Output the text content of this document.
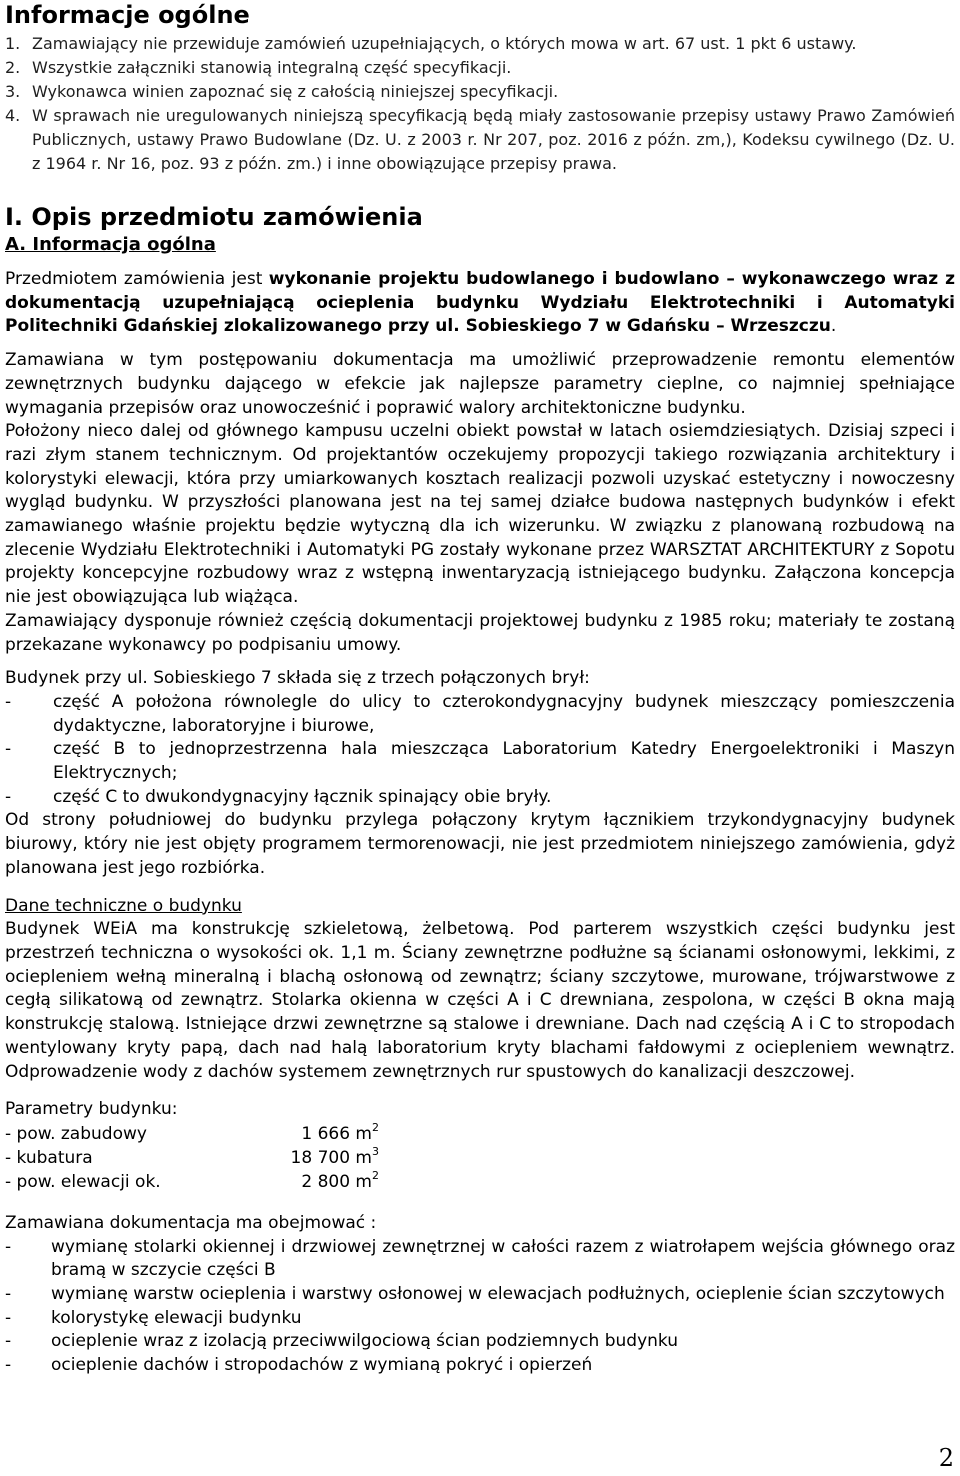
Informacje ogólne
1. Zamawiający nie przewiduje zamówień uzupełniających, o których mowa w art. 67 ust. 1 pkt 6 ustawy.
2. Wszystkie załączniki stanowią integralną część specyfikacji.
3. Wykonawca winien zapoznać się z całością niniejszej specyfikacji.
4. W sprawach nie uregulowanych niniejszą specyfikacją będą miały zastosowanie przepisy ustawy Prawo Zamówień Publicznych, ustawy Prawo Budowlane (Dz. U. z 2003 r. Nr 207, poz. 2016 z późn. zm,), Kodeksu cywilnego (Dz. U. z 1964 r. Nr 16, poz. 93 z późn. zm.) i inne obowiązujące przepisy prawa.
I. Opis przedmiotu zamówienia
A. Informacja ogólna

Przedmiotem zamówienia jest wykonanie projektu budowlanego i budowlano – wykonawczego wraz z dokumentacją uzupełniającą ocieplenia budynku Wydziału Elektrotechniki i Automatyki Politechniki Gdańskiej zlokalizowanego przy ul. Sobieskiego 7 w Gdańsku – Wrzeszczu.

Zamawiana w tym postępowaniu dokumentacja ma umożliwić przeprowadzenie remontu elementów zewnętrznych budynku dającego w efekcie jak najlepsze parametry cieplne, co najmniej spełniające wymagania przepisów oraz unowocześnić i poprawić walory architektoniczne budynku.

Położony nieco dalej od głównego kampusu uczelni obiekt powstał w latach osiemdziesiątych. Dzisiaj szpeci i razi złym stanem technicznym. Od projektantów oczekujemy propozycji takiego rozwiązania architektury i kolorystyki elewacji, która przy umiarkowanych kosztach realizacji pozwoli uzyskać estetyczny i nowoczesny wygląd budynku. W przyszłości planowana jest na tej samej działce budowa następnych budynków i efekt zamawianego właśnie projektu będzie wytyczną dla ich wizerunku. W związku z planowaną rozbudową na zlecenie Wydziału Elektrotechniki i Automatyki PG zostały wykonane przez WARSZTAT ARCHITEKTURY z Sopotu projekty koncepcyjne rozbudowy wraz z wstępną inwentaryzacją istniejącego budynku. Załączona koncepcja nie jest obowiązująca lub wiążąca.

Zamawiający dysponuje również częścią dokumentacji projektowej budynku z 1985 roku; materiały te zostaną przekazane wykonawcy po podpisaniu umowy.

Budynek przy ul. Sobieskiego 7 składa się z trzech połączonych brył:

-	część A położona równolegle do ulicy to czterokondygnacyjny budynek mieszczący pomieszczenia dydaktyczne, laboratoryjne i biurowe,
-	część B to jednoprzestrzenna hala mieszcząca Laboratorium Katedry Energoelektroniki i Maszyn Elektrycznych;
-	część C to dwukondygnacyjny łącznik spinający obie bryły.

Od strony południowej do budynku przylega połączony krytym łącznikiem trzykondygnacyjny budynek biurowy, który nie jest objęty programem termorenowacji, nie jest przedmiotem niniejszego zamówienia, gdyż planowana jest jego rozbiórka.

Dane techniczne o budynku

Budynek WEiA ma konstrukcję szkieletową, żelbetową. Pod parterem wszystkich części budynku jest przestrzeń techniczna o wysokości ok. 1,1 m. Ściany zewnętrzne podłużne są ścianami osłonowymi, lekkimi, z ociepleniem wełną mineralną i blachą osłonową od zewnątrz; ściany szczytowe, murowane, trójwarstwowe z cegłą silikatową od zewnątrz. Stolarka okienna w części A i C drewniana, zespolona, w części B okna mają konstrukcję stalową. Istniejące drzwi zewnętrzne są stalowe i drewniane. Dach nad częścią A i C to stropodach wentylowany kryty papą, dach nad halą laboratorium kryty blachami fałdowymi z ociepleniem wewnątrz. Odprowadzenie wody z dachów systemem zewnętrznych rur spustowych do kanalizacji deszczowej.

Parametry budynku:

- pow. zabudowy	1 666 $m^2$
- kubatura	18 700 $m^3$
- pow. elewacji ok.	2 800 $m^2$

Zamawiana dokumentacja ma obejmować :

-	wymianę stolarki okiennej i drzwiowej zewnętrznej w całości razem z wiatrołapem wejścia głównego oraz bramą w szczycie części B
-	wymianę warstw ocieplenia i warstwy osłonowej w elewacjach podłużnych, ocieplenie ścian szczytowych
-	kolorystykę elewacji budynku
-	ocieplenie wraz z izolacją przeciwwilgociową ścian podziemnych budynku
-	ocieplenie dachów i stropodachów z wymianą pokryć i opierzeń
2
